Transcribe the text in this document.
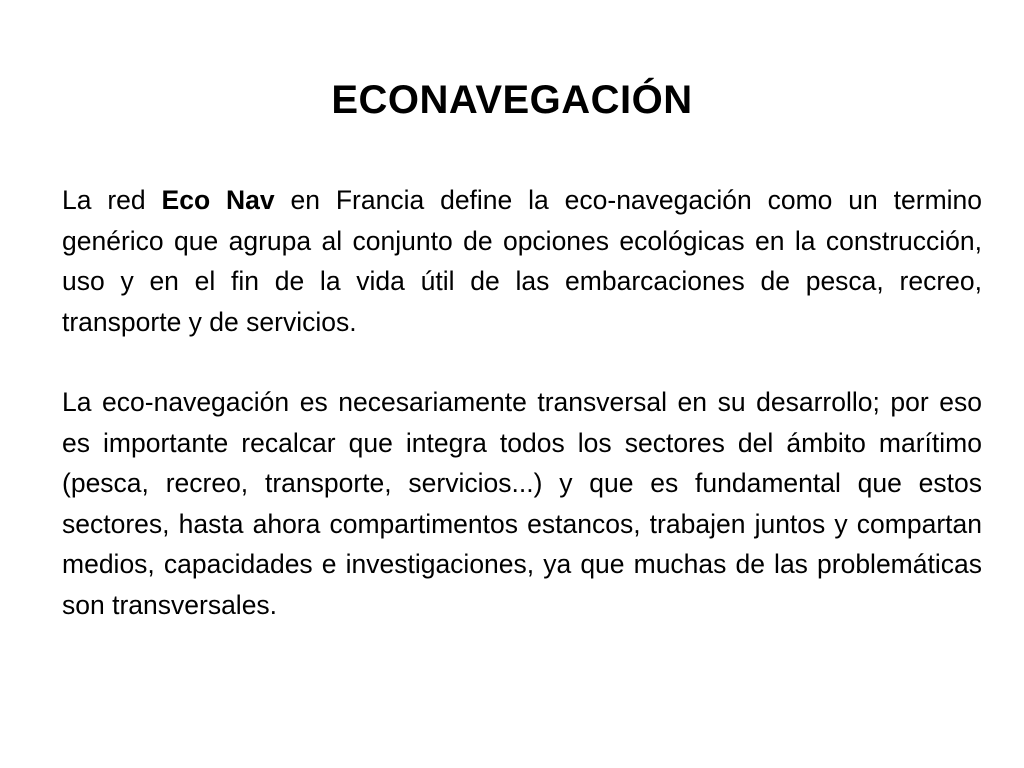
ECONAVEGACIÓN

La red Eco Nav en Francia define la eco-navegación como un termino genérico que agrupa al conjunto de opciones ecológicas en la construcción, uso y en el fin de la vida útil de las embarcaciones de pesca, recreo, transporte y de servicios.

La eco-navegación es necesariamente transversal en su desarrollo; por eso es importante recalcar que integra todos los sectores del ámbito marítimo (pesca, recreo, transporte, servicios...) y que es fundamental que estos sectores, hasta ahora compartimentos estancos, trabajen juntos y compartan medios, capacidades e investigaciones, ya que muchas de las problemáticas son transversales.
